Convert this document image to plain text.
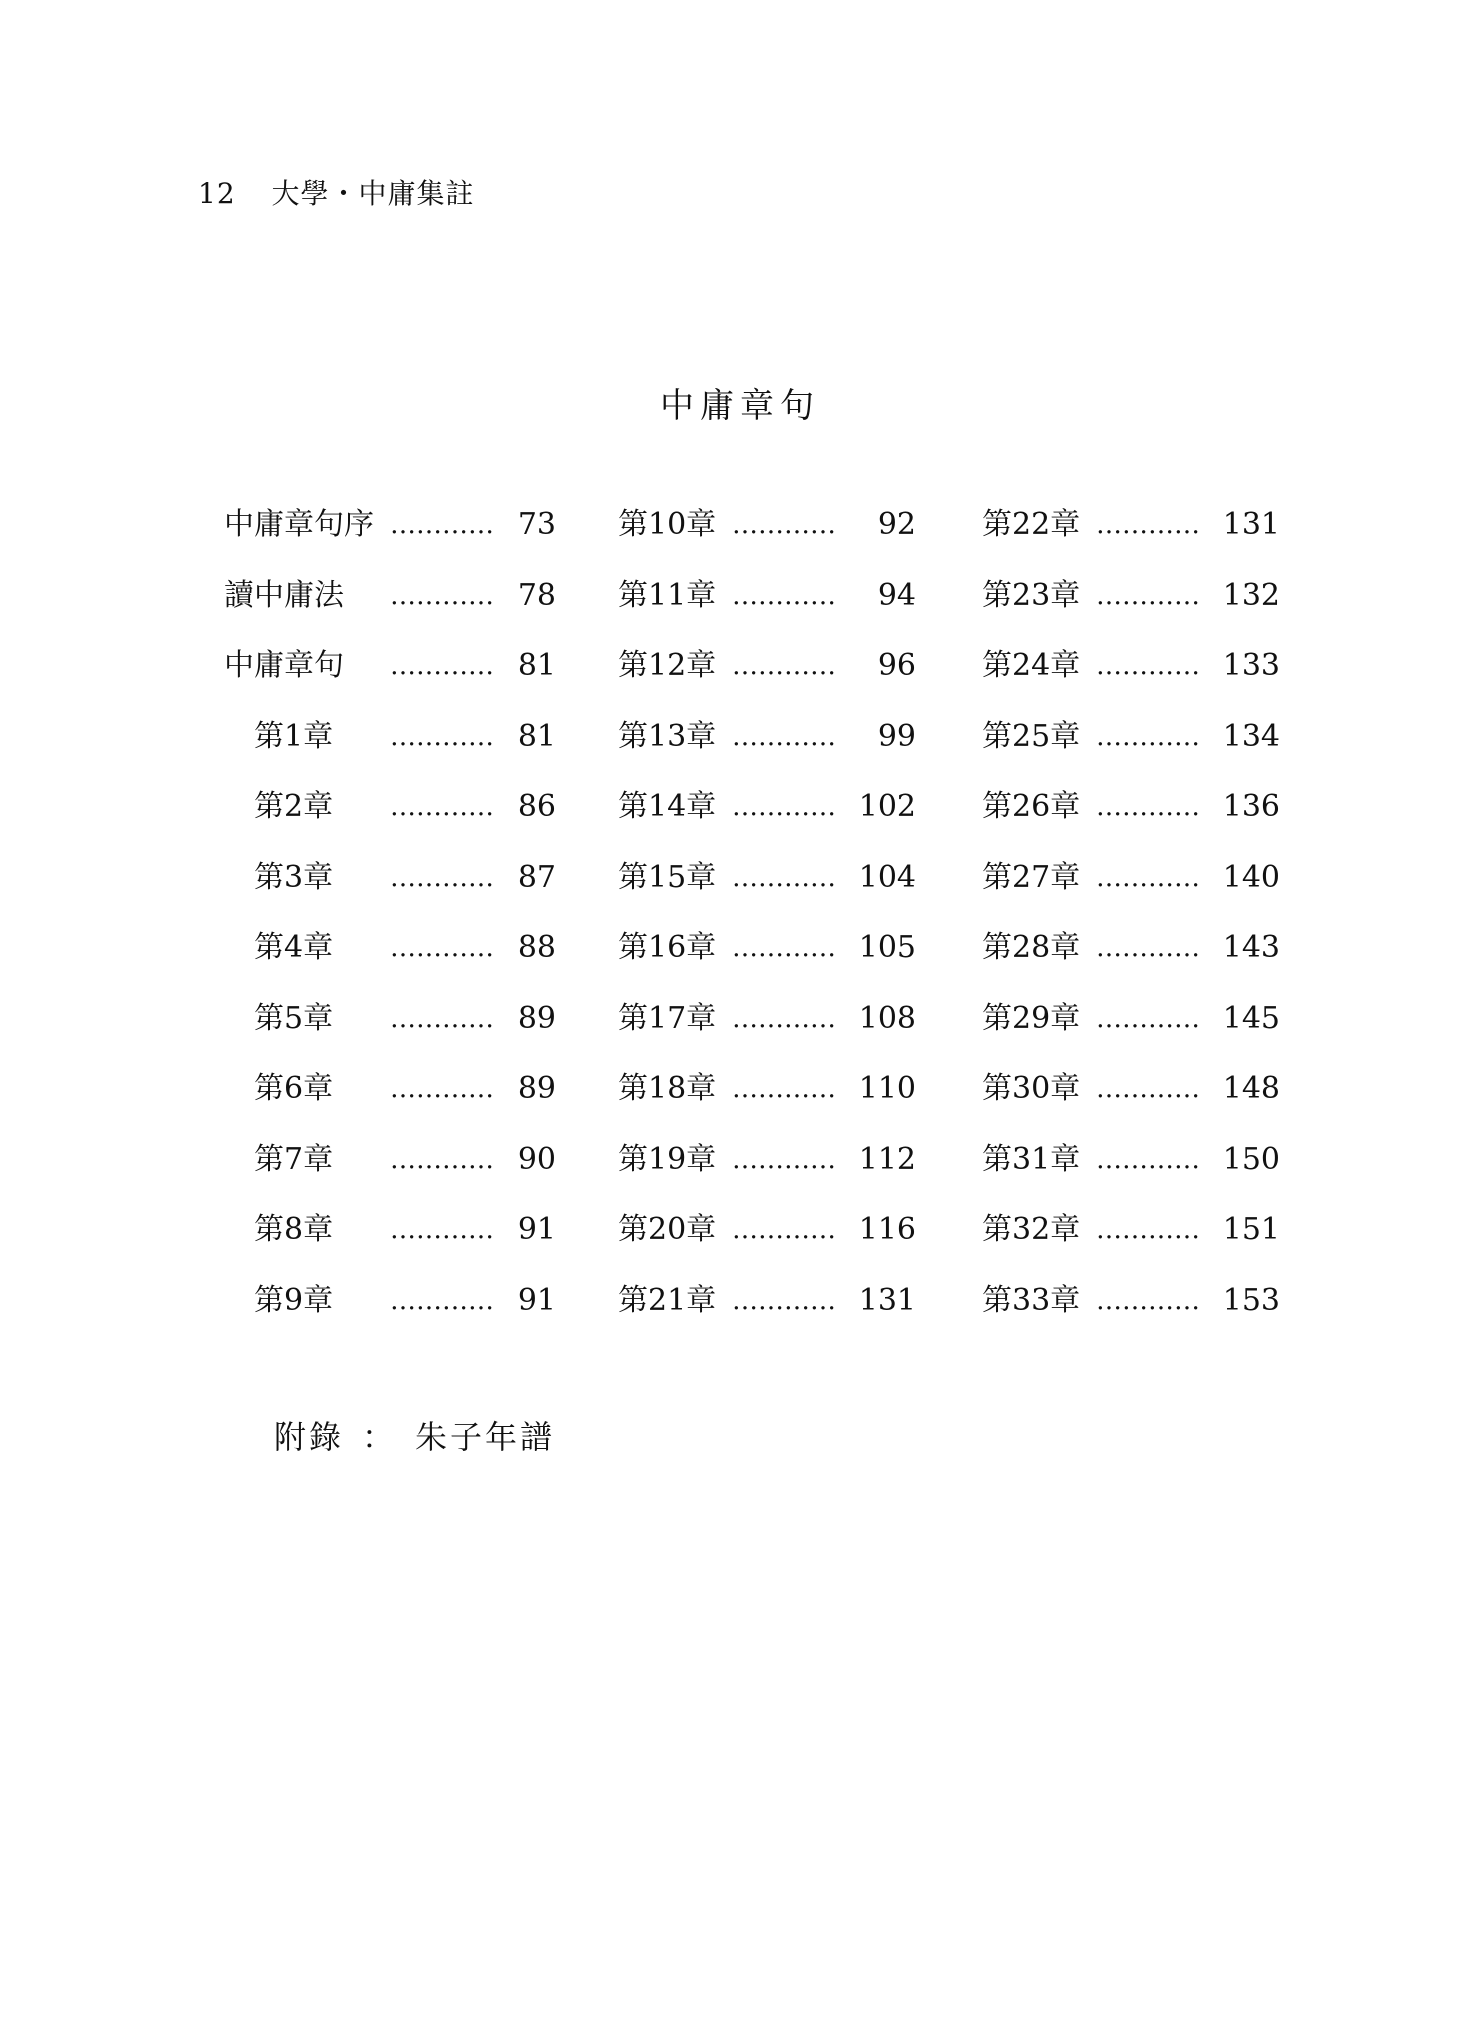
12 大學・中庸集註
中庸章句
中庸章句序 ………… 73
讀中庸法 ………… 78
中庸章句 ………… 81
第1章 ………… 81
第2章 ………… 86
第3章 ………… 87
第4章 ………… 88
第5章 ………… 89
第6章 ………… 89
第7章 ………… 90
第8章 ………… 91
第9章 ………… 91
第10章 …………	92
第11章 …………	94
第12章 …………	96
第13章 …………	99
第14章 ………… 102
第15章 ………… 104
第16章 ………… 105
第17章 ………… 108
第18章 ………… 110
第19章 ………… 112
第20章 ………… 116
第21章 ………… 131
第22章 ………… 131
第23章 ………… 132
第24章 ………… 133
第25章 ………… 134
第26章 ………… 136
第27章 ………… 140
第28章 ………… 143
第29章 ………… 145
第30章 ………… 148
第31章 ………… 150
第32章 ………… 151
第33章 ………… 153
附錄 ： 朱子年譜
